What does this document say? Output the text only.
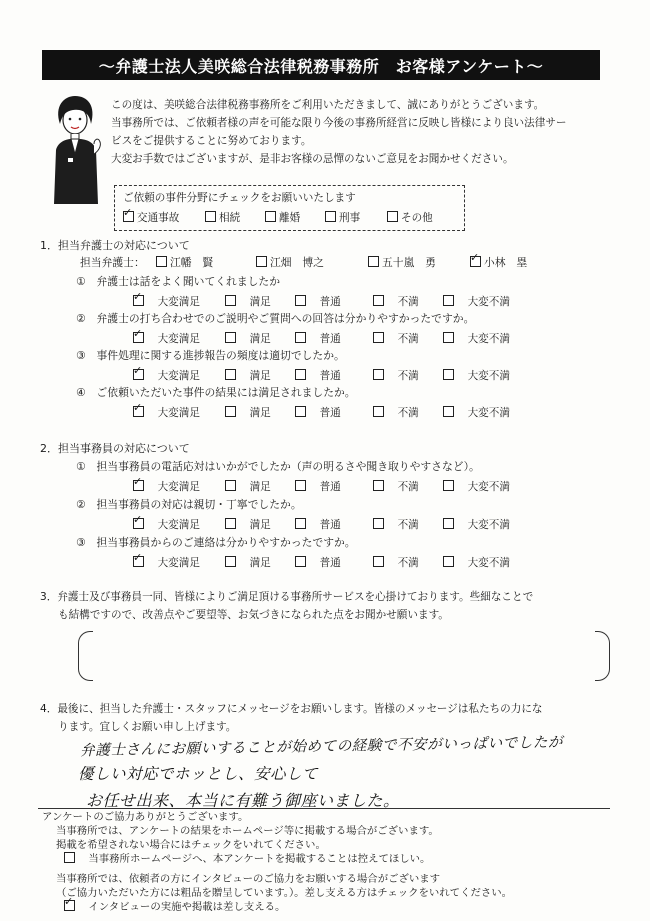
～弁護士法人美咲総合法律税務事務所　お客様アンケート～
この度は、美咲総合法律税務事務所をご利用いただきまして、誠にありがとうございます。
当事務所では、ご依頼者様の声を可能な限り今後の事務所経営に反映し皆様により良い法律サー
ビスをご提供することに努めております。
大変お手数ではございますが、是非お客様の忌憚のないご意見をお聞かせください。
ご依頼の事件分野にチェックをお願いいたします
✓交通事故	相続	離婚	刑事	その他
1．担当弁護士の対応について
担当弁護士：	江幡　賢	江畑　博之	五十嵐　勇
✓	小林　塁
①　 弁護士は話をよく聞いてくれましたか
✓　大変満足
　	満足
　	普通
　	不満
　	大変不満
②　 弁護士の打ち合わせでのご説明やご質問への回答は分かりやすかったですか。
✓　大変満足
　	満足
　	普通
　	不満
　	大変不満
③　 事件処理に関する進捗報告の頻度は適切でしたか。
✓　大変満足
　	満足
　	普通
　	不満
　	大変不満
④　 ご依頼いただいた事件の結果には満足されましたか。
✓　大変満足
　	満足
　	普通
　	不満
　	大変不満
2．担当事務員の対応について
①　 担当事務員の電話応対はいかがでしたか（声の明るさや聞き取りやすさなど）。
✓　大変満足
　	満足
　	普通
　	不満
　	大変不満
②　 担当事務員の対応は親切・丁寧でしたか。
✓　大変満足
　	満足
　	普通
　	不満
　	大変不満
③　 担当事務員からのご連絡は分かりやすかったですか。
✓　大変満足
　	満足
　	普通
　	不満
　	大変不満
3．弁護士及び事務員一同、皆様によりご満足頂ける事務所サービスを心掛けております。些細なことで
も結構ですので、改善点やご要望等、お気づきになられた点をお聞かせ願います。
4．最後に、担当した弁護士・スタッフにメッセージをお願いします。皆様のメッセージは私たちの力にな
ります。宜しくお願い申し上げます。
弁護士さんにお願いすることが始めての経験で不安がいっぱいでしたが
優しい対応でホッとし、安心して
お任せ出来、本当に有難う御座いました。
アンケートのご協力ありがとうございます。
当事務所では、アンケートの結果をホームページ等に掲載する場合がございます。
掲載を希望されない場合にはチェックをいれてください。
　当事務所ホームページへ、本アンケートを掲載することは控えてほしい。
当事務所では、依頼者の方にインタビューのご協力をお願いする場合がございます
（ご協力いただいた方には粗品を贈呈しています。）。差し支える方はチェックをいれてください。
✓　インタビューの実施や掲載は差し支える。
